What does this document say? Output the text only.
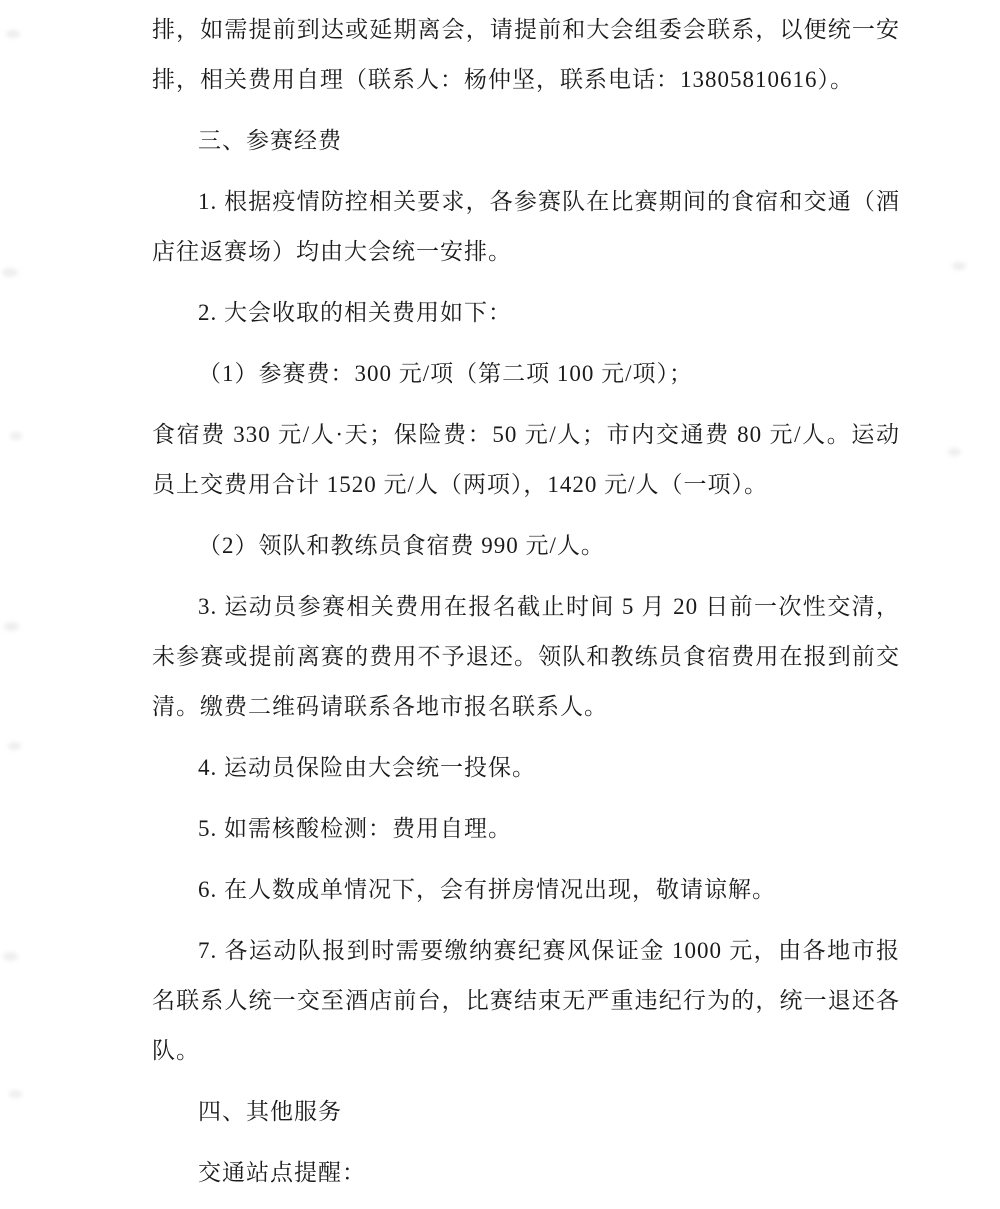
排，如需提前到达或延期离会，请提前和大会组委会联系，以便统一安排，相关费用自理（联系人：杨仲坚，联系电话：13805810616）。

三、参赛经费

1. 根据疫情防控相关要求，各参赛队在比赛期间的食宿和交通（酒店往返赛场）均由大会统一安排。

2. 大会收取的相关费用如下：

（1）参赛费：300 元/项（第二项 100 元/项）；

食宿费 330 元/人·天；保险费：50 元/人；市内交通费 80 元/人。运动员上交费用合计 1520 元/人（两项），1420 元/人（一项）。

（2）领队和教练员食宿费 990 元/人。

3. 运动员参赛相关费用在报名截止时间 5 月 20 日前一次性交清，未参赛或提前离赛的费用不予退还。领队和教练员食宿费用在报到前交清。缴费二维码请联系各地市报名联系人。

4. 运动员保险由大会统一投保。

5. 如需核酸检测：费用自理。

6. 在人数成单情况下，会有拼房情况出现，敬请谅解。

7. 各运动队报到时需要缴纳赛纪赛风保证金 1000 元，由各地市报名联系人统一交至酒店前台，比赛结束无严重违纪行为的，统一退还各队。

四、其他服务

交通站点提醒：
